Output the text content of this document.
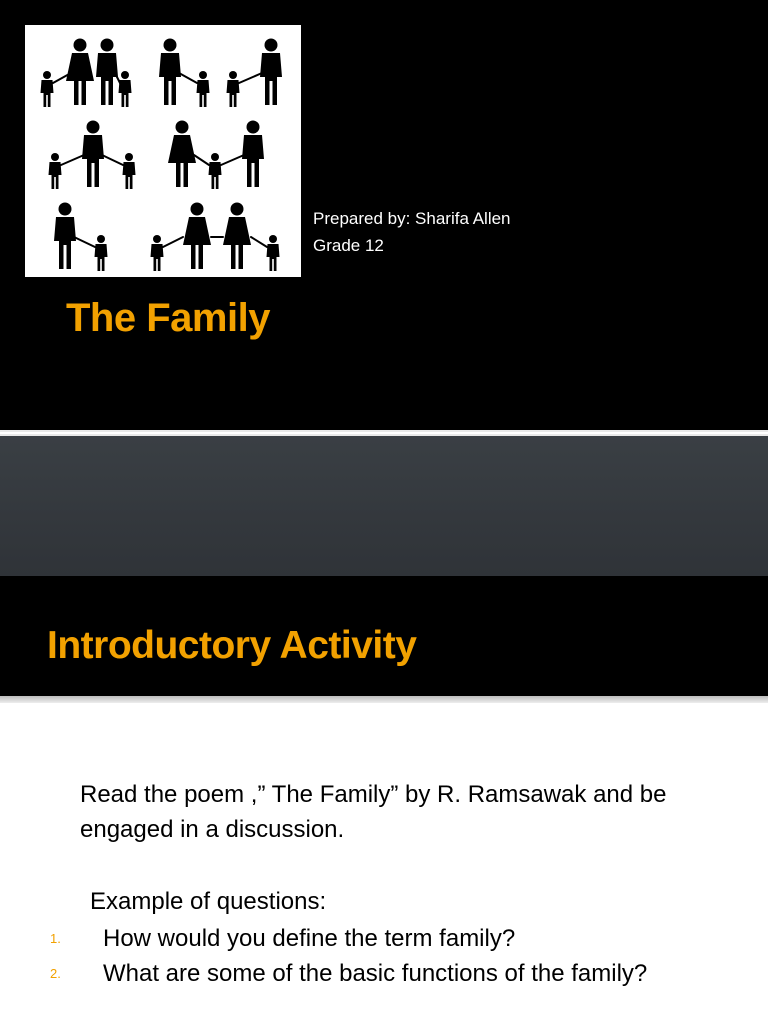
Prepared by: Sharifa Allen
Grade 12
The Family
Introductory Activity
Read the poem ,” The Family” by R. Ramsawak and be engaged in a discussion.
Example of questions:
1. How would you define the term family?
2. What are some of the basic functions of the family?
